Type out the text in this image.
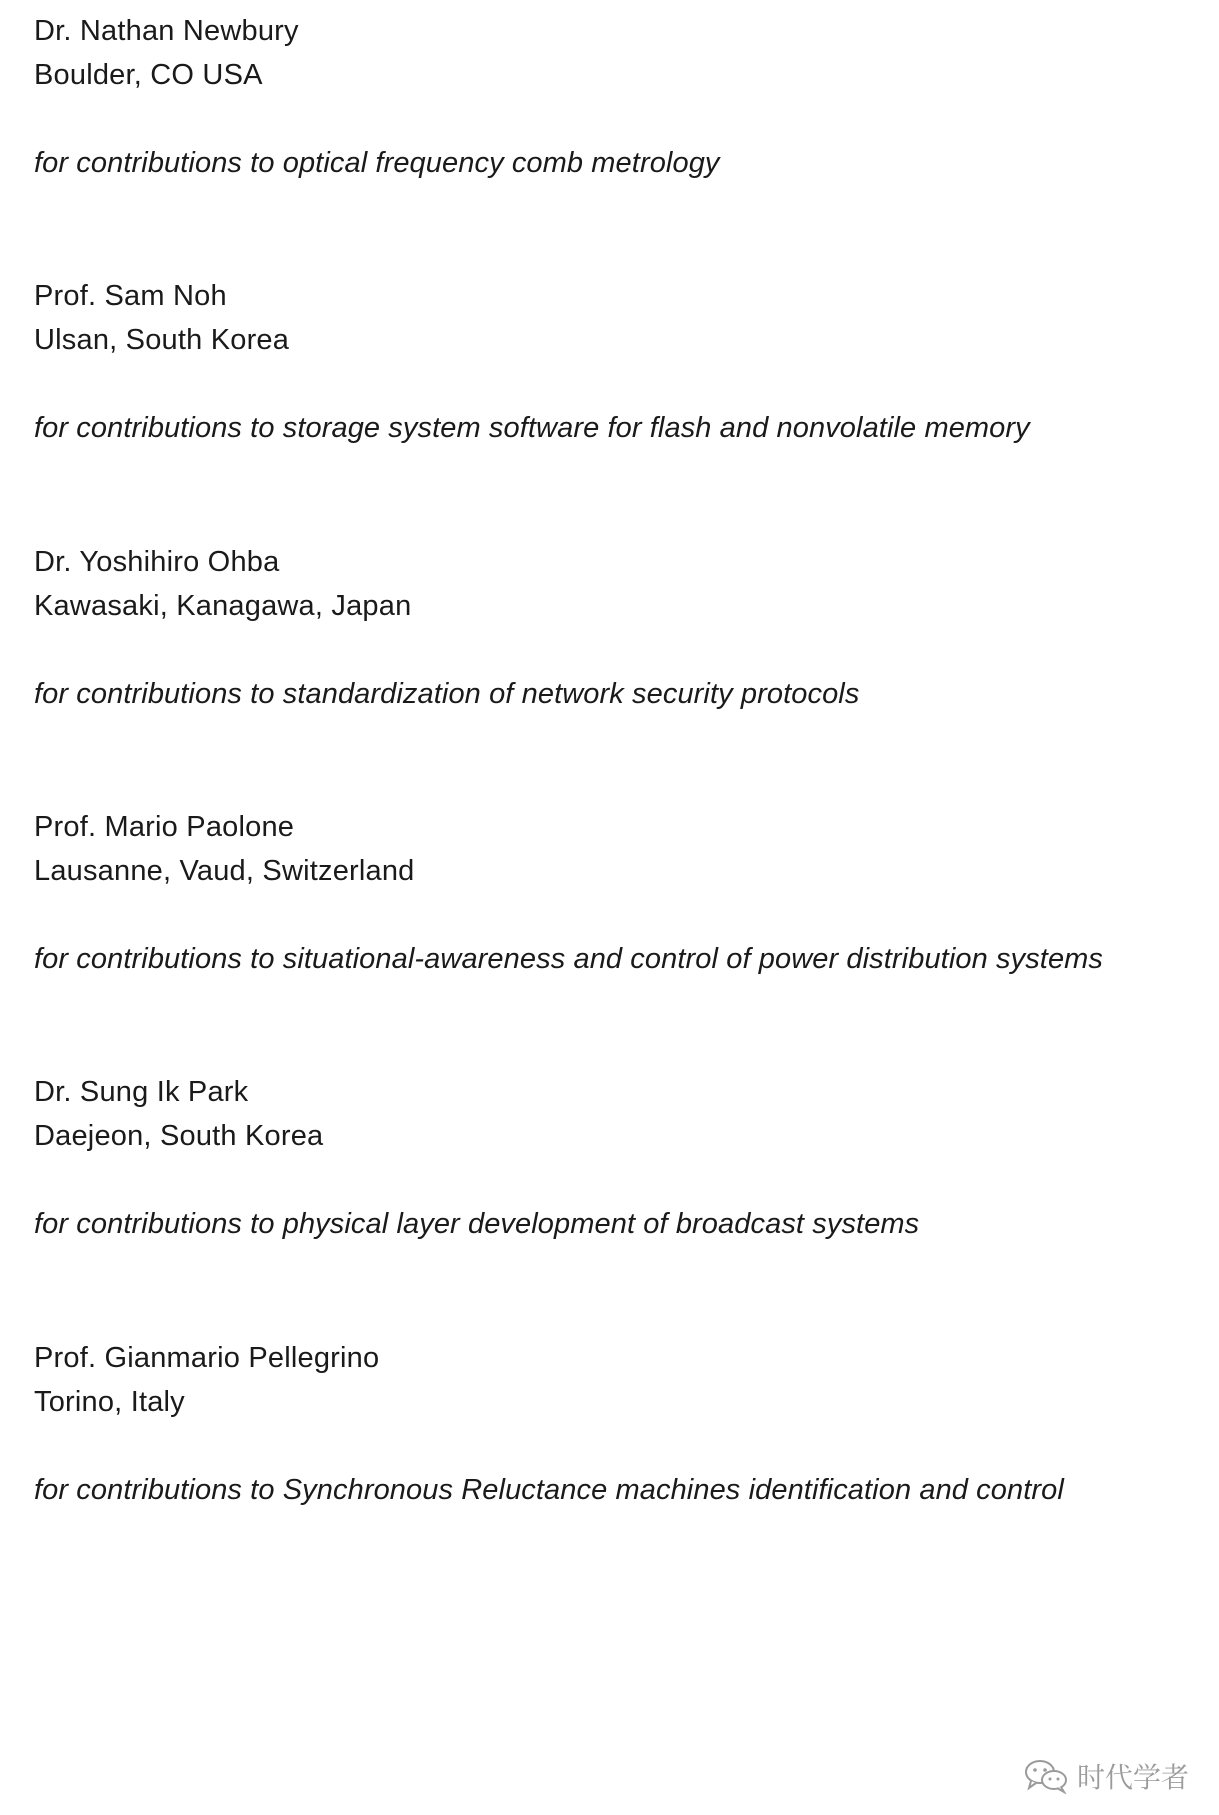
Dr. Nathan Newbury
Boulder, CO USA
for contributions to optical frequency comb metrology
Prof. Sam Noh
Ulsan, South Korea
for contributions to storage system software for flash and nonvolatile memory
Dr. Yoshihiro Ohba
Kawasaki, Kanagawa, Japan
for contributions to standardization of network security protocols
Prof. Mario Paolone
Lausanne, Vaud, Switzerland
for contributions to situational-awareness and control of power distribution systems
Dr. Sung Ik Park
Daejeon, South Korea
for contributions to physical layer development of broadcast systems
Prof. Gianmario Pellegrino
Torino, Italy
for contributions to Synchronous Reluctance machines identification and control
时代学者
